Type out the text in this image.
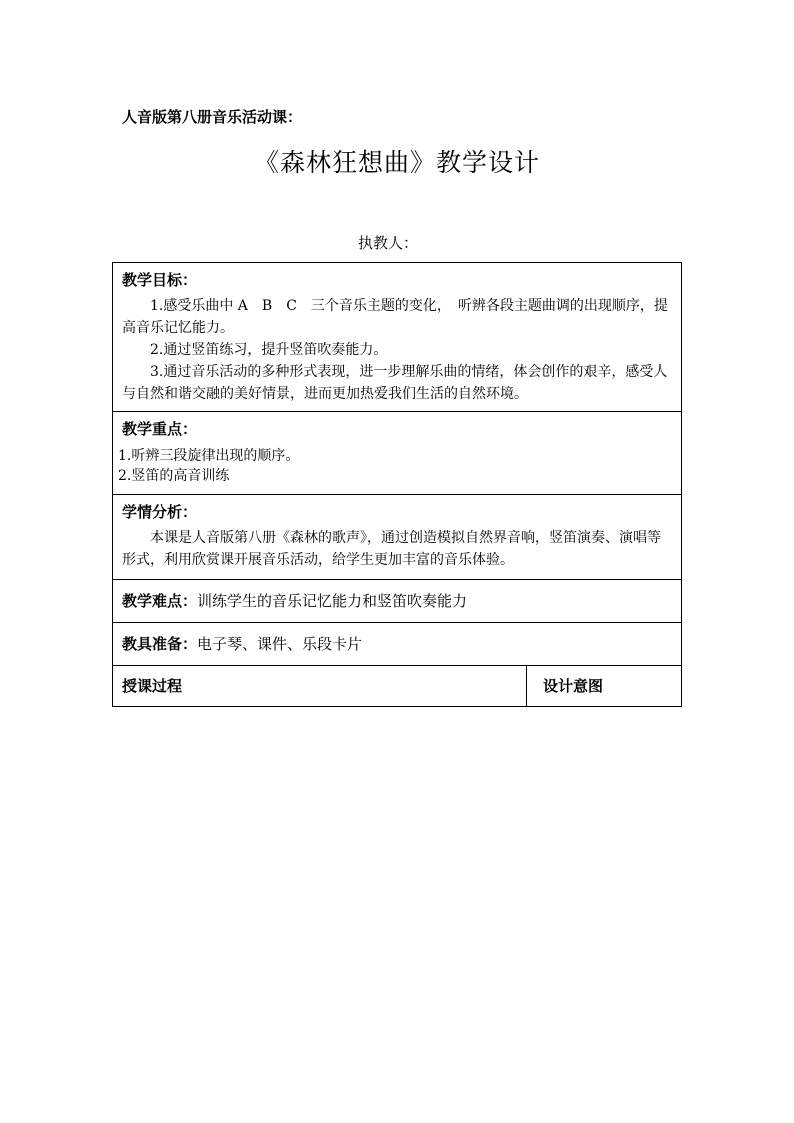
人音版第八册音乐活动课：
《森林狂想曲》教学设计
执教人：
教学目标：

1.感受乐曲中 A　B　C　三个音乐主题的变化，　听辨各段主题曲调的出现顺序，提高音乐记忆能力。

2.通过竖笛练习，提升竖笛吹奏能力。

3.通过音乐活动的多种形式表现，进一步理解乐曲的情绪，体会创作的艰辛，感受人与自然和谐交融的美好情景，进而更加热爱我们生活的自然环境。

教学重点：

1.听辨三段旋律出现的顺序。

2.竖笛的高音训练

学情分析：

本课是人音版第八册《森林的歌声》，通过创造模拟自然界音响，竖笛演奏、演唱等形式，利用欣赏课开展音乐活动，给学生更加丰富的音乐体验。

教学难点：训练学生的音乐记忆能力和竖笛吹奏能力

教具准备：电子琴、课件、乐段卡片

授课过程	设计意图
